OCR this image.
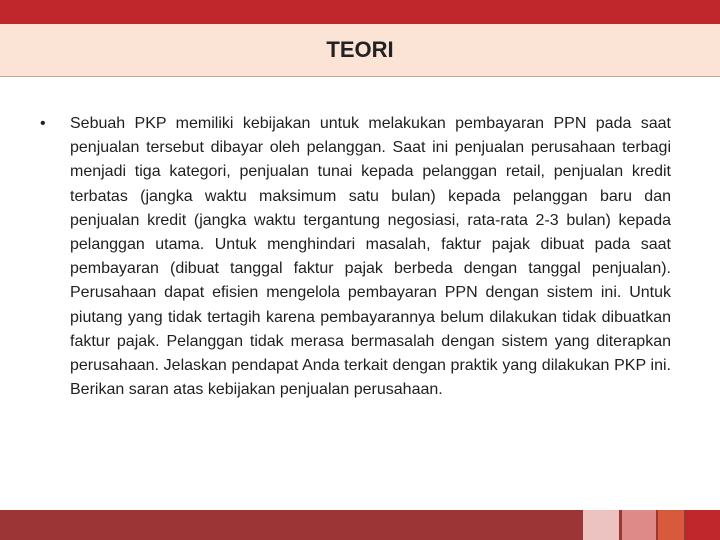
TEORI
•	Sebuah PKP memiliki kebijakan untuk melakukan pembayaran PPN pada saat penjualan tersebut dibayar oleh pelanggan. Saat ini penjualan perusahaan terbagi menjadi tiga kategori, penjualan tunai kepada pelanggan retail, penjualan kredit terbatas (jangka waktu maksimum satu bulan) kepada pelanggan baru dan penjualan kredit (jangka waktu tergantung negosiasi, rata-rata 2-3 bulan) kepada pelanggan utama. Untuk menghindari masalah, faktur pajak dibuat pada saat pembayaran (dibuat tanggal faktur pajak berbeda dengan tanggal penjualan). Perusahaan dapat efisien mengelola pembayaran PPN dengan sistem ini. Untuk piutang yang tidak tertagih karena pembayarannya belum dilakukan tidak dibuatkan faktur pajak. Pelanggan tidak merasa bermasalah dengan sistem yang diterapkan perusahaan. Jelaskan pendapat Anda terkait dengan praktik yang dilakukan PKP ini. Berikan saran atas kebijakan penjualan perusahaan.
